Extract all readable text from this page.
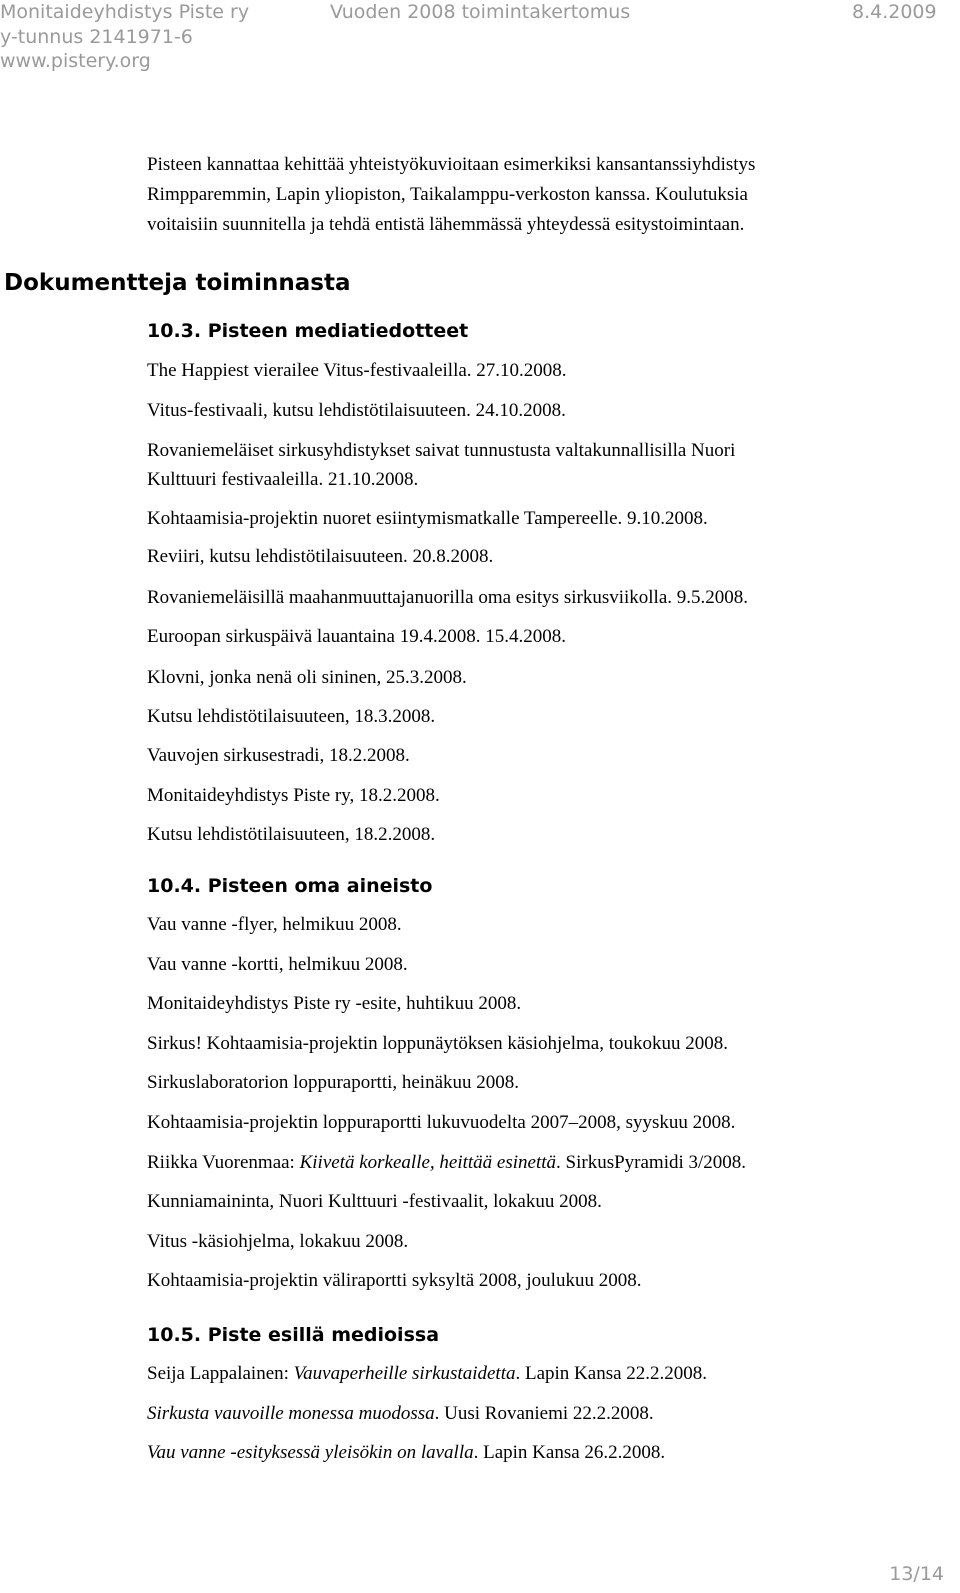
Monitaideyhdistys Piste ry	Vuoden 2008 toimintakertomus	8.4.2009
y-tunnus 2141971-6
www.pistery.org
Pisteen kannattaa kehittää yhteistyökuvioitaan esimerkiksi kansantanssiyhdistys
Rimpparemmin, Lapin yliopiston, Taikalamppu-verkoston kanssa. Koulutuksia
voitaisiin suunnitella ja tehdä entistä lähemmässä yhteydessä esitystoimintaan.
Dokumentteja toiminnasta
10.3. Pisteen mediatiedotteet
The Happiest vierailee Vitus-festivaaleilla. 27.10.2008.
Vitus-festivaali, kutsu lehdistötilaisuuteen. 24.10.2008.
Rovaniemeläiset sirkusyhdistykset saivat tunnustusta valtakunnallisilla Nuori
Kulttuuri festivaaleilla. 21.10.2008.
Kohtaamisia-projektin nuoret esiintymismatkalle Tampereelle. 9.10.2008.
Reviiri, kutsu lehdistötilaisuuteen. 20.8.2008.
Rovaniemeläisillä maahanmuuttajanuorilla oma esitys sirkusviikolla. 9.5.2008.
Euroopan sirkuspäivä lauantaina 19.4.2008. 15.4.2008.
Klovni, jonka nenä oli sininen, 25.3.2008.
Kutsu lehdistötilaisuuteen, 18.3.2008.
Vauvojen sirkusestradi, 18.2.2008.
Monitaideyhdistys Piste ry, 18.2.2008.
Kutsu lehdistötilaisuuteen, 18.2.2008.
10.4. Pisteen oma aineisto
Vau vanne -flyer, helmikuu 2008.
Vau vanne -kortti, helmikuu 2008.
Monitaideyhdistys Piste ry -esite, huhtikuu 2008.
Sirkus! Kohtaamisia-projektin loppunäytöksen käsiohjelma, toukokuu 2008.
Sirkuslaboratorion loppuraportti, heinäkuu 2008.
Kohtaamisia-projektin loppuraportti lukuvuodelta 2007–2008, syyskuu 2008.
Riikka Vuorenmaa: Kiivetä korkealle, heittää esinettä. SirkusPyramidi 3/2008.
Kunniamaininta, Nuori Kulttuuri -festivaalit, lokakuu 2008.
Vitus -käsiohjelma, lokakuu 2008.
Kohtaamisia-projektin väliraportti syksyltä 2008, joulukuu 2008.
10.5. Piste esillä medioissa
Seija Lappalainen: Vauvaperheille sirkustaidetta. Lapin Kansa 22.2.2008.
Sirkusta vauvoille monessa muodossa. Uusi Rovaniemi 22.2.2008.
Vau vanne -esityksessä yleisökin on lavalla. Lapin Kansa 26.2.2008.
13/14
